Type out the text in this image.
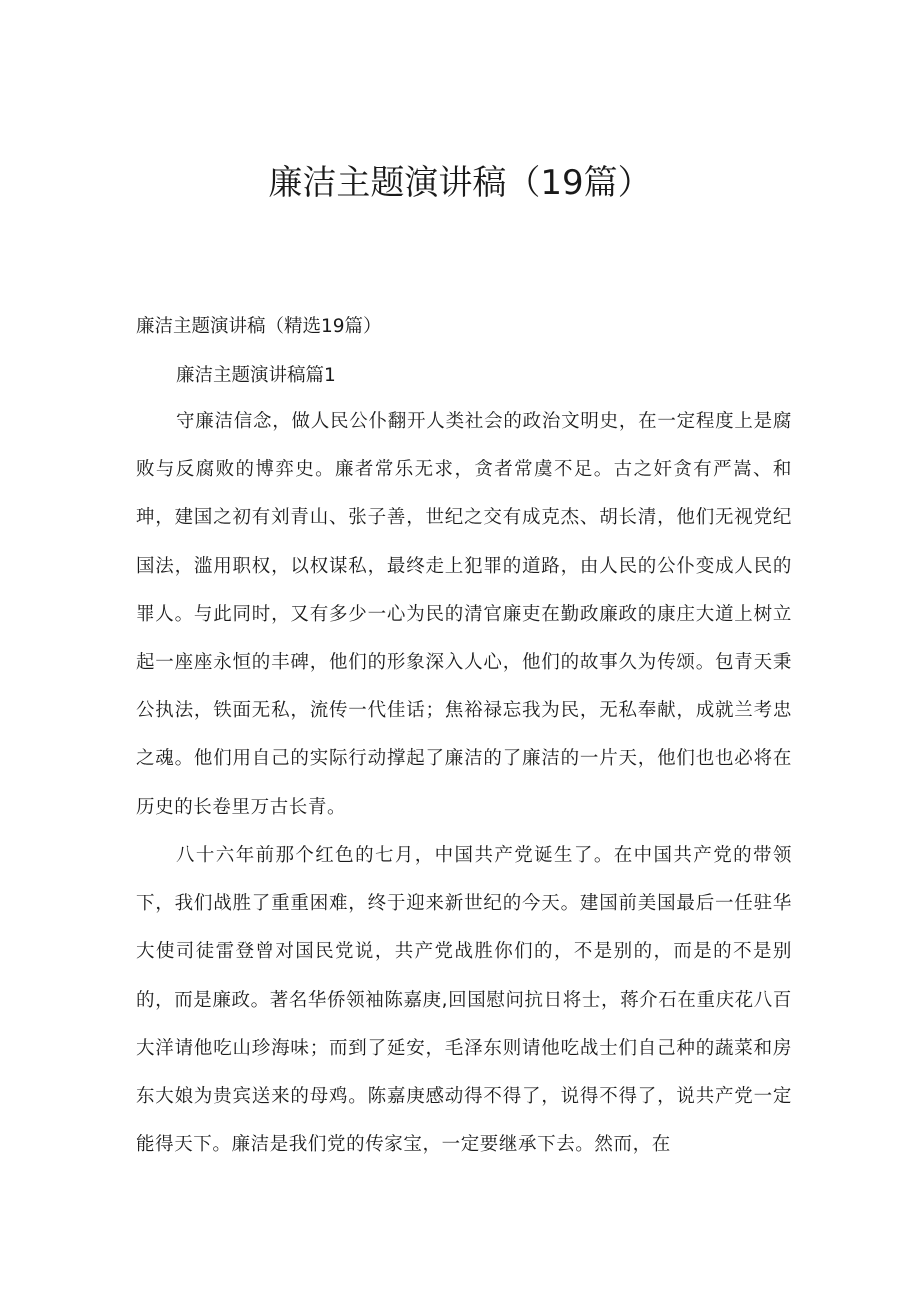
廉洁主题演讲稿（19篇）

廉洁主题演讲稿（精选19篇）

廉洁主题演讲稿篇1

守廉洁信念，做人民公仆翻开人类社会的政治文明史，在一定程度上是腐败与反腐败的博弈史。廉者常乐无求，贪者常虞不足。古之奸贪有严嵩、和珅，建国之初有刘青山、张子善，世纪之交有成克杰、胡长清，他们无视党纪国法，滥用职权，以权谋私，最终走上犯罪的道路，由人民的公仆变成人民的罪人。与此同时，又有多少一心为民的清官廉吏在勤政廉政的康庄大道上树立起一座座永恒的丰碑，他们的形象深入人心，他们的故事久为传颂。包青天秉公执法，铁面无私，流传一代佳话；焦裕禄忘我为民，无私奉献，成就兰考忠之魂。他们用自己的实际行动撑起了廉洁的了廉洁的一片天，他们也也必将在历史的长卷里万古长青。

八十六年前那个红色的七月，中国共产党诞生了。在中国共产党的带领下，我们战胜了重重困难，终于迎来新世纪的今天。建国前美国最后一任驻华大使司徒雷登曾对国民党说，共产党战胜你们的，不是别的，而是的不是别的，而是廉政。著名华侨领袖陈嘉庚,回国慰问抗日将士，蒋介石在重庆花八百大洋请他吃山珍海味；而到了延安，毛泽东则请他吃战士们自己种的蔬菜和房东大娘为贵宾送来的母鸡。陈嘉庚感动得不得了，说得不得了，说共产党一定能得天下。廉洁是我们党的传家宝，一定要继承下去。然而，在
